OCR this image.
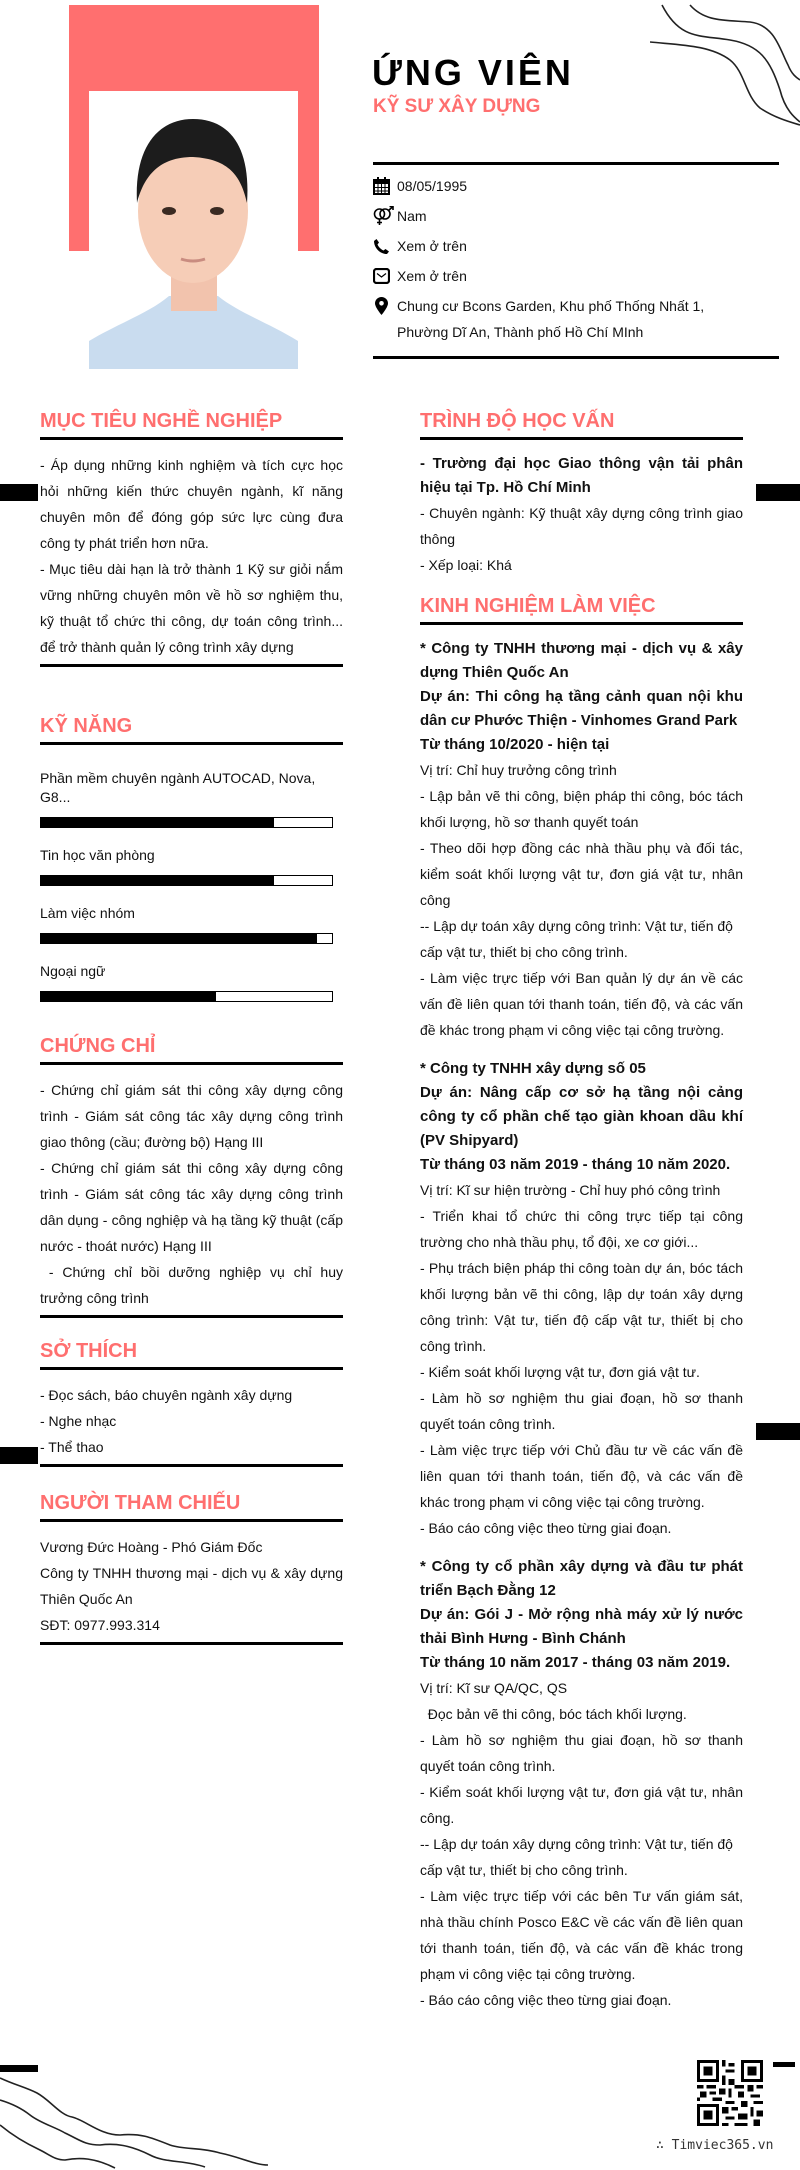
ỨNG VIÊN
KỸ SƯ XÂY DỰNG
08/05/1995
Nam
Xem ở trên
Xem ở trên
Chung cư Bcons Garden, Khu phố Thống Nhất 1,
Phường Dĩ An, Thành phố Hồ Chí MInh
MỤC TIÊU NGHỀ NGHIỆP
- Áp dụng những kinh nghiệm và tích cực học hỏi những kiến thức chuyên ngành, kĩ năng chuyên môn để đóng góp sức lực cùng đưa công ty phát triển hơn nữa.
- Mục tiêu dài hạn là trở thành 1 Kỹ sư giỏi nắm vững những chuyên môn về hồ sơ nghiệm thu, kỹ thuật tổ chức thi công, dự toán công trình... để trở thành quản lý công trình xây dựng
KỸ NĂNG
Phần mềm chuyên ngành AUTOCAD, Nova, G8...
Tin học văn phòng
Làm việc nhóm
Ngoại ngữ
CHỨNG CHỈ
- Chứng chỉ giám sát thi công xây dựng công trình - Giám sát công tác xây dựng công trình giao thông (cầu; đường bộ) Hạng III
- Chứng chỉ giám sát thi công xây dựng công trình - Giám sát công tác xây dựng công trình dân dụng - công nghiệp và hạ tầng kỹ thuật (cấp nước - thoát nước) Hạng III
- Chứng chỉ bồi dưỡng nghiệp vụ chỉ huy trưởng công trình
SỞ THÍCH
- Đọc sách, báo chuyên ngành xây dựng
- Nghe nhạc
- Thể thao
NGƯỜI THAM CHIẾU
Vương Đức Hoàng - Phó Giám Đốc
Công ty TNHH thương mại - dịch vụ & xây dựng Thiên Quốc An
SĐT: 0977.993.314
TRÌNH ĐỘ HỌC VẤN
- Trường đại học Giao thông vận tải phân hiệu tại Tp. Hồ Chí Minh
- Chuyên ngành: Kỹ thuật xây dựng công trình giao thông
- Xếp loại: Khá
KINH NGHIỆM LÀM VIỆC
* Công ty TNHH thương mại - dịch vụ & xây dựng Thiên Quốc An
Dự án: Thi công hạ tầng cảnh quan nội khu dân cư Phước Thiện - Vinhomes Grand Park
Từ tháng 10/2020 - hiện tại
Vị trí: Chỉ huy trưởng công trình
- Lập bản vẽ thi công, biện pháp thi công, bóc tách khối lượng, hồ sơ thanh quyết toán
- Theo dõi hợp đồng các nhà thầu phụ và đối tác, kiểm soát khối lượng vật tư, đơn giá vật tư, nhân công
-- Lập dự toán xây dựng công trình: Vật tư, tiến độ cấp vật tư, thiết bị cho công trình.
- Làm việc trực tiếp với Ban quản lý dự án về các vấn đề liên quan tới thanh toán, tiến độ, và các vấn đề khác trong phạm vi công việc tại công trường.
* Công ty TNHH xây dựng số 05
Dự án: Nâng cấp cơ sở hạ tầng nội cảng công ty cổ phần chế tạo giàn khoan dầu khí (PV Shipyard)
Từ tháng 03 năm 2019 - tháng 10 năm 2020.
Vị trí: Kĩ sư hiện trường - Chỉ huy phó công trình
- Triển khai tổ chức thi công trực tiếp tại công trường cho nhà thầu phụ, tổ đội, xe cơ giới...
- Phụ trách biện pháp thi công toàn dự án, bóc tách khối lượng bản vẽ thi công, lập dự toán xây dựng công trình: Vật tư, tiến độ cấp vật tư, thiết bị cho công trình.
- Kiểm soát khối lượng vật tư, đơn giá vật tư.
- Làm hồ sơ nghiệm thu giai đoạn, hồ sơ thanh quyết toán công trình.
- Làm việc trực tiếp với Chủ đầu tư về các vấn đề liên quan tới thanh toán, tiến độ, và các vấn đề khác trong phạm vi công việc tại công trường.
- Báo cáo công việc theo từng giai đoạn.
* Công ty cổ phần xây dựng và đầu tư phát triển Bạch Đằng 12
Dự án: Gói J - Mở rộng nhà máy xử lý nước thải Bình Hưng - Bình Chánh
Từ tháng 10 năm 2017 - tháng 03 năm 2019.
Vị trí: Kĩ sư QA/QC, QS
Đọc bản vẽ thi công, bóc tách khối lượng.
- Làm hồ sơ nghiệm thu giai đoạn, hồ sơ thanh quyết toán công trình.
- Kiểm soát khối lượng vật tư, đơn giá vật tư, nhân công.
-- Lập dự toán xây dựng công trình: Vật tư, tiến độ cấp vật tư, thiết bị cho công trình.
- Làm việc trực tiếp với các bên Tư vấn giám sát, nhà thầu chính Posco E&C về các vấn đề liên quan tới thanh toán, tiến độ, và các vấn đề khác trong phạm vi công việc tại công trường.
- Báo cáo công việc theo từng giai đoạn.
∴ Timviec365.vn
